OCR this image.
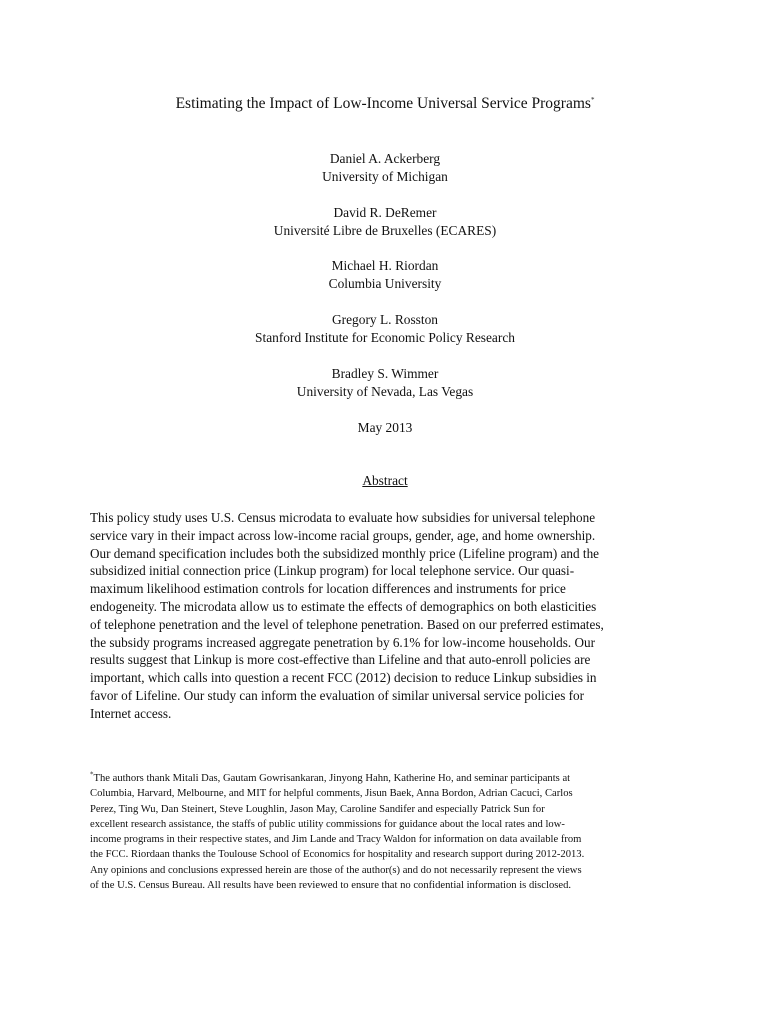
Estimating the Impact of Low-Income Universal Service Programs*
Daniel A. Ackerberg
University of Michigan
David R. DeRemer
Université Libre de Bruxelles (ECARES)
Michael H. Riordan
Columbia University
Gregory L. Rosston
Stanford Institute for Economic Policy Research
Bradley S. Wimmer
University of Nevada, Las Vegas
May 2013
Abstract
This policy study uses U.S. Census microdata to evaluate how subsidies for universal telephone
service vary in their impact across low-income racial groups, gender, age, and home ownership.
Our demand specification includes both the subsidized monthly price (Lifeline program) and the
subsidized initial connection price (Linkup program) for local telephone service. Our quasi-
maximum likelihood estimation controls for location differences and instruments for price
endogeneity. The microdata allow us to estimate the effects of demographics on both elasticities
of telephone penetration and the level of telephone penetration. Based on our preferred estimates,
the subsidy programs increased aggregate penetration by 6.1% for low-income households. Our
results suggest that Linkup is more cost-effective than Lifeline and that auto-enroll policies are
important, which calls into question a recent FCC (2012) decision to reduce Linkup subsidies in
favor of Lifeline. Our study can inform the evaluation of similar universal service policies for
Internet access.
*The authors thank Mitali Das, Gautam Gowrisankaran, Jinyong Hahn, Katherine Ho, and seminar participants at
Columbia, Harvard, Melbourne, and MIT for helpful comments, Jisun Baek, Anna Bordon, Adrian Cacuci, Carlos
Perez, Ting Wu, Dan Steinert, Steve Loughlin, Jason May, Caroline Sandifer and especially Patrick Sun for
excellent research assistance, the staffs of public utility commissions for guidance about the local rates and low-
income programs in their respective states, and Jim Lande and Tracy Waldon for information on data available from
the FCC. Riordaan thanks the Toulouse School of Economics for hospitality and research support during 2012-2013.
Any opinions and conclusions expressed herein are those of the author(s) and do not necessarily represent the views
of the U.S. Census Bureau. All results have been reviewed to ensure that no confidential information is disclosed.
